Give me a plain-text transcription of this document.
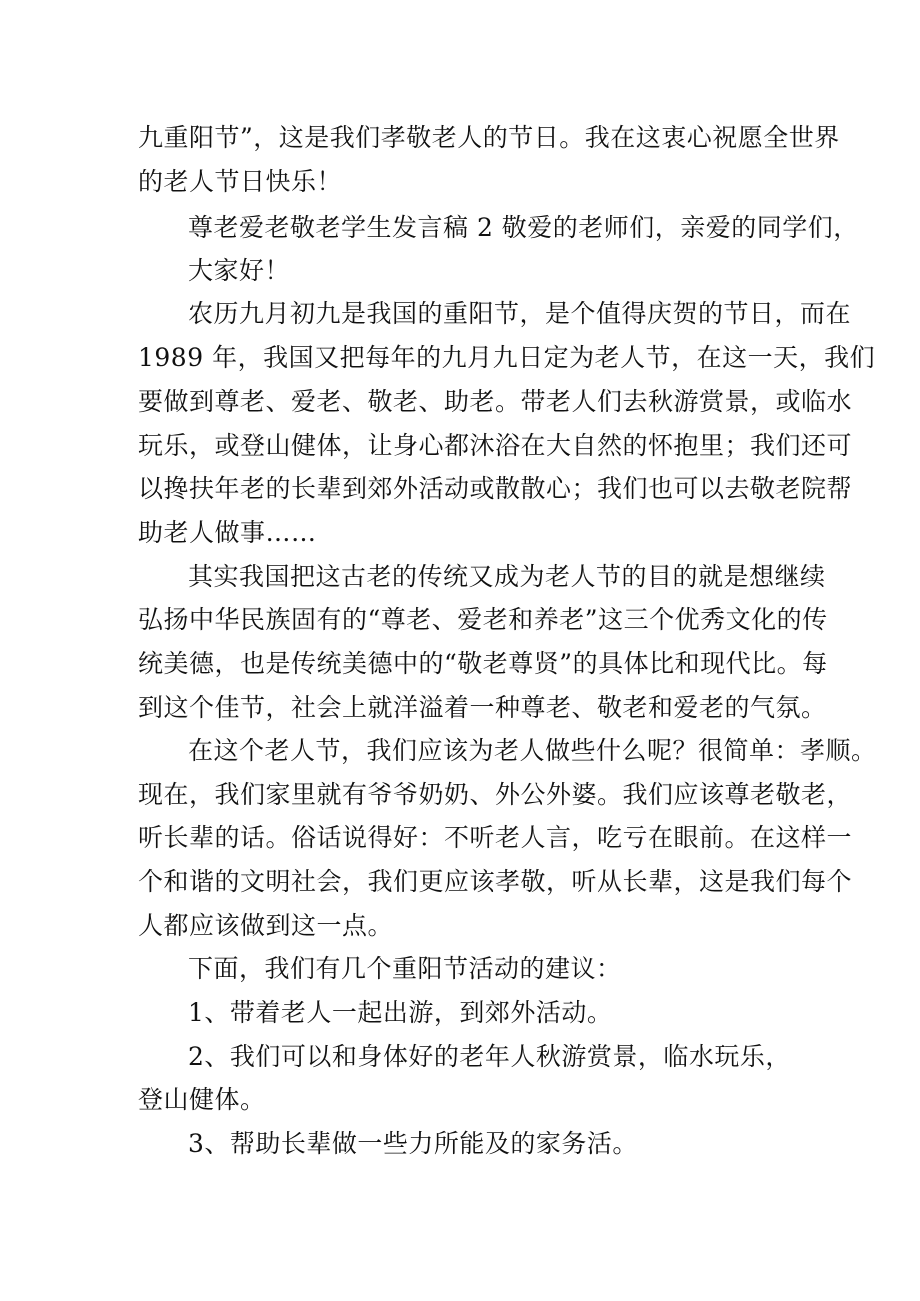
九重阳节”，这是我们孝敬老人的节日。我在这衷心祝愿全世界
的老人节日快乐！
尊老爱老敬老学生发言稿 2 敬爱的老师们，亲爱的同学们，
大家好！
农历九月初九是我国的重阳节，是个值得庆贺的节日，而在
1989 年，我国又把每年的九月九日定为老人节，在这一天，我们
要做到尊老、爱老、敬老、助老。带老人们去秋游赏景，或临水
玩乐，或登山健体，让身心都沐浴在大自然的怀抱里；我们还可
以搀扶年老的长辈到郊外活动或散散心；我们也可以去敬老院帮
助老人做事……
其实我国把这古老的传统又成为老人节的目的就是想继续
弘扬中华民族固有的“尊老、爱老和养老”这三个优秀文化的传
统美德，也是传统美德中的“敬老尊贤”的具体比和现代比。每
到这个佳节，社会上就洋溢着一种尊老、敬老和爱老的气氛。
在这个老人节，我们应该为老人做些什么呢？很简单：孝顺。
现在，我们家里就有爷爷奶奶、外公外婆。我们应该尊老敬老，
听长辈的话。俗话说得好：不听老人言，吃亏在眼前。在这样一
个和谐的文明社会，我们更应该孝敬，听从长辈，这是我们每个
人都应该做到这一点。
下面，我们有几个重阳节活动的建议：
1、带着老人一起出游，到郊外活动。
2、我们可以和身体好的老年人秋游赏景，临水玩乐，
登山健体。
3、帮助长辈做一些力所能及的家务活。
